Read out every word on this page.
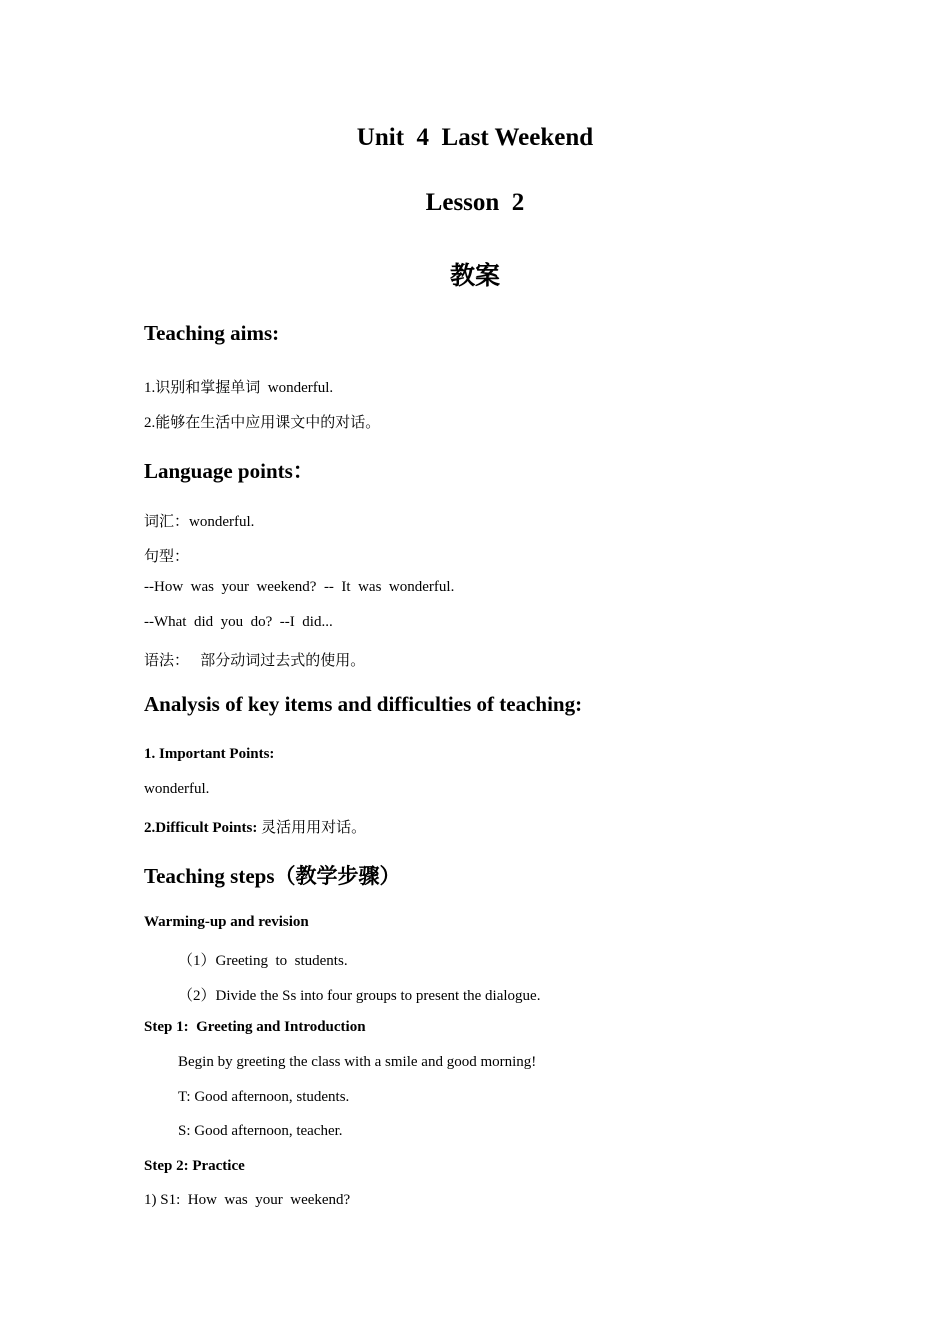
Unit  4  Last Weekend
Lesson  2
教案
Teaching aims:
1.识别和掌握单词  wonderful.
2.能够在生活中应用课文中的对话。
Language points：
词汇：wonderful.
句型：
--How  was  your  weekend?  --  It  was  wonderful.
--What  did  you  do?  --I  did...
语法：   部分动词过去式的使用。
Analysis of key items and difficulties of teaching:
1. Important Points:
wonderful.
2.Difficult Points: 灵活用用对话。
Teaching steps（教学步骤）
Warming-up and revision
（1）Greeting  to  students.
（2）Divide the Ss into four groups to present the dialogue.
Step 1:  Greeting and Introduction
Begin by greeting the class with a smile and good morning!
T: Good afternoon, students.
S: Good afternoon, teacher.
Step 2: Practice
1) S1:  How  was  your  weekend?
